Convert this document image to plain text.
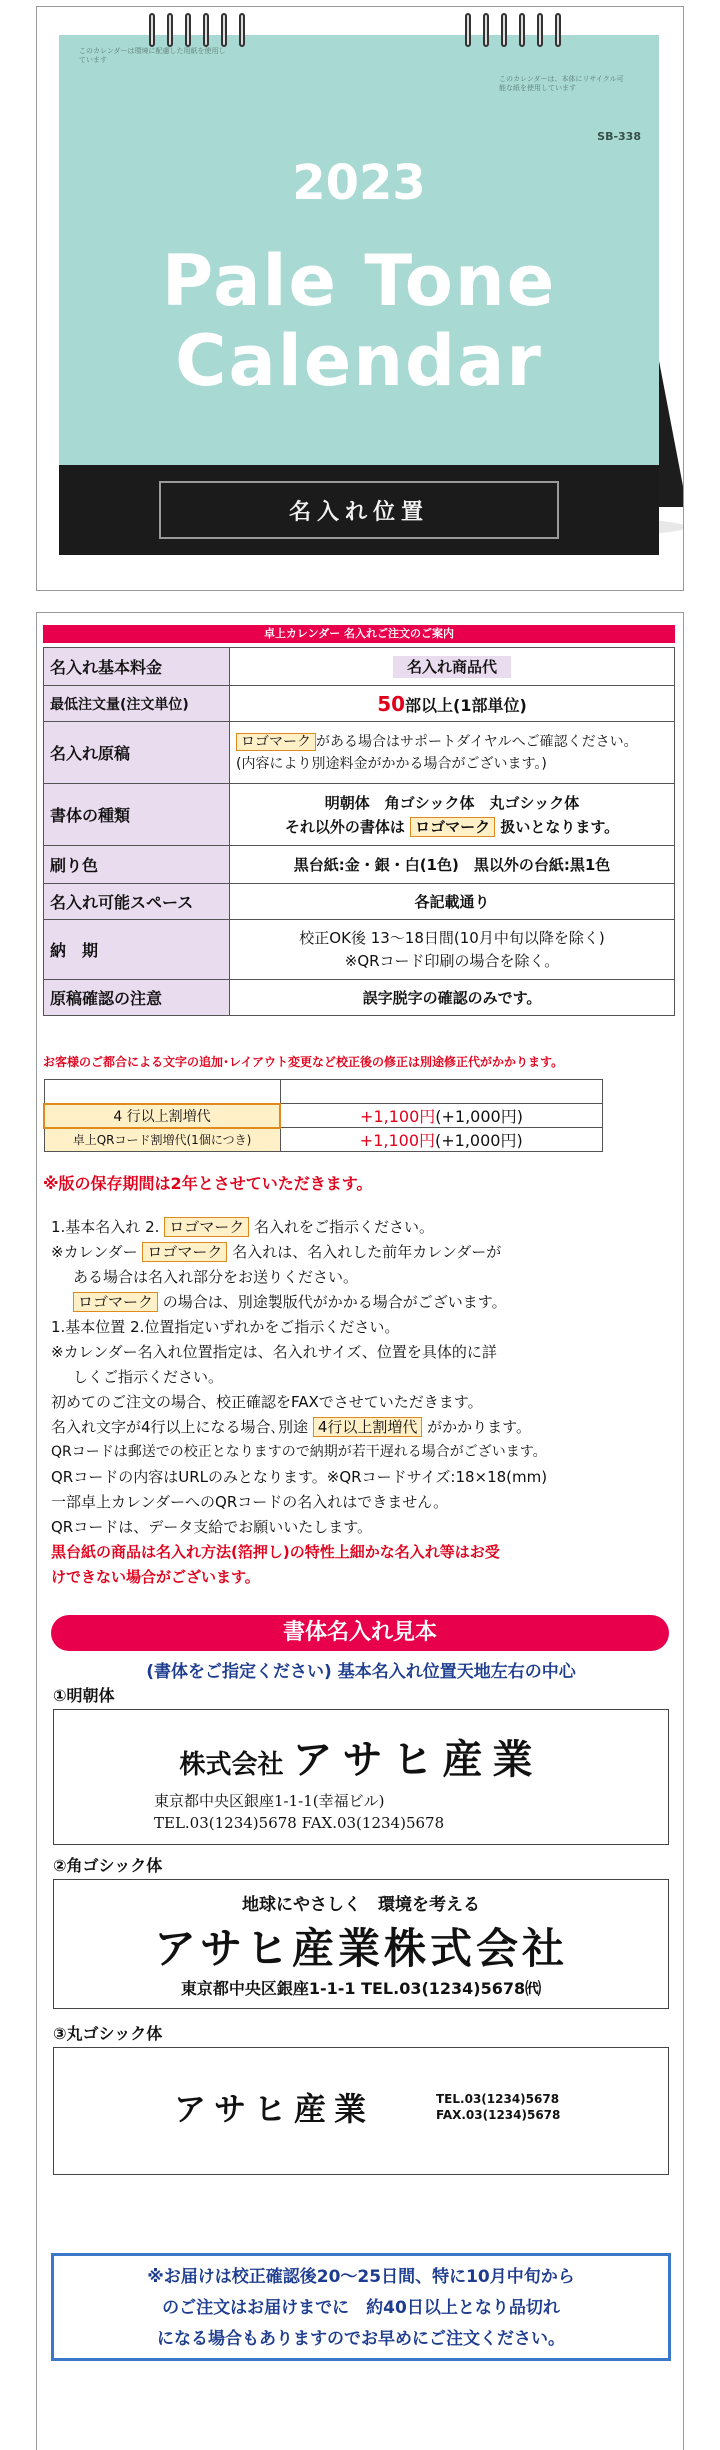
このカレンダーは環境に配慮した用紙を使用しています
このカレンダーは、本体にリサイクル可能な紙を使用しています
SB-338
2023
Pale Tone
Calendar
名入れ位置
卓上カレンダー 名入れご注文のご案内
名入れ基本料金	名入れ商品代
最低注文量(注文単位)	50部以上(1部単位)
名入れ原稿	ロゴマーク がある場合はサポートダイヤルへご確認ください。
(内容により別途料金がかかる場合がございます。)

書体の種類	明朝体　角ゴシック体　丸ゴシック体
それ以外の書体は ロゴマーク 扱いとなります。

刷り色	黒台紙:金・銀・白(1色)　黒以外の台紙:黒1色
名入れ可能スペース	各記載通り
納　期	校正OK後 13〜18日間(10月中旬以降を除く)
※QRコード印刷の場合を除く。

原稿確認の注意	誤字脱字の確認のみです。
お客様のご都合による文字の追加･レイアウト変更など校正後の修正は別途修正代がかかります。

4 行以上割増代	+1,100円(+1,000円)
卓上QRコード割増代(1個につき)	+1,100円(+1,000円)
※版の保存期間は2年とさせていただきます。

1.基本名入れ 2. ロゴマーク 名入れをご指示ください。

※カレンダー ロゴマーク 名入れは、名入れした前年カレンダーが

ある場合は名入れ部分をお送りください。

ロゴマーク の場合は、別途製版代がかかる場合がございます。

1.基本位置 2.位置指定いずれかをご指示ください。

※カレンダー名入れ位置指定は、名入れサイズ、位置を具体的に詳

しくご指示ください。

初めてのご注文の場合、校正確認をFAXでさせていただきます。

名入れ文字が4行以上になる場合､別途 4行以上割増代 がかかります。

QRコードは郵送での校正となりますので納期が若干遅れる場合がございます。

QRコードの内容はURLのみとなります。※QRコードサイズ:18×18(mm)

一部卓上カレンダーへのQRコードの名入れはできません。

QRコードは、データ支給でお願いいたします。

黒台紙の商品は名入れ方法(箔押し)の特性上細かな名入れ等はお受

けできない場合がございます。

書体名入れ見本
(書体をご指定ください) 基本名入れ位置天地左右の中心
①明朝体
株式会社 アサヒ産業
東京都中央区銀座1-1-1(幸福ビル)
TEL.03(1234)5678 FAX.03(1234)5678
②角ゴシック体
地球にやさしく　環境を考える
アサヒ産業株式会社
東京都中央区銀座1-1-1 TEL.03(1234)5678㈹
③丸ゴシック体
アサヒ産業	TEL.03(1234)5678
FAX.03(1234)5678

※お届けは校正確認後20〜25日間、特に10月中旬から

のご注文はお届けまでに　約40日以上となり品切れ

になる場合もありますのでお早めにご注文ください。
